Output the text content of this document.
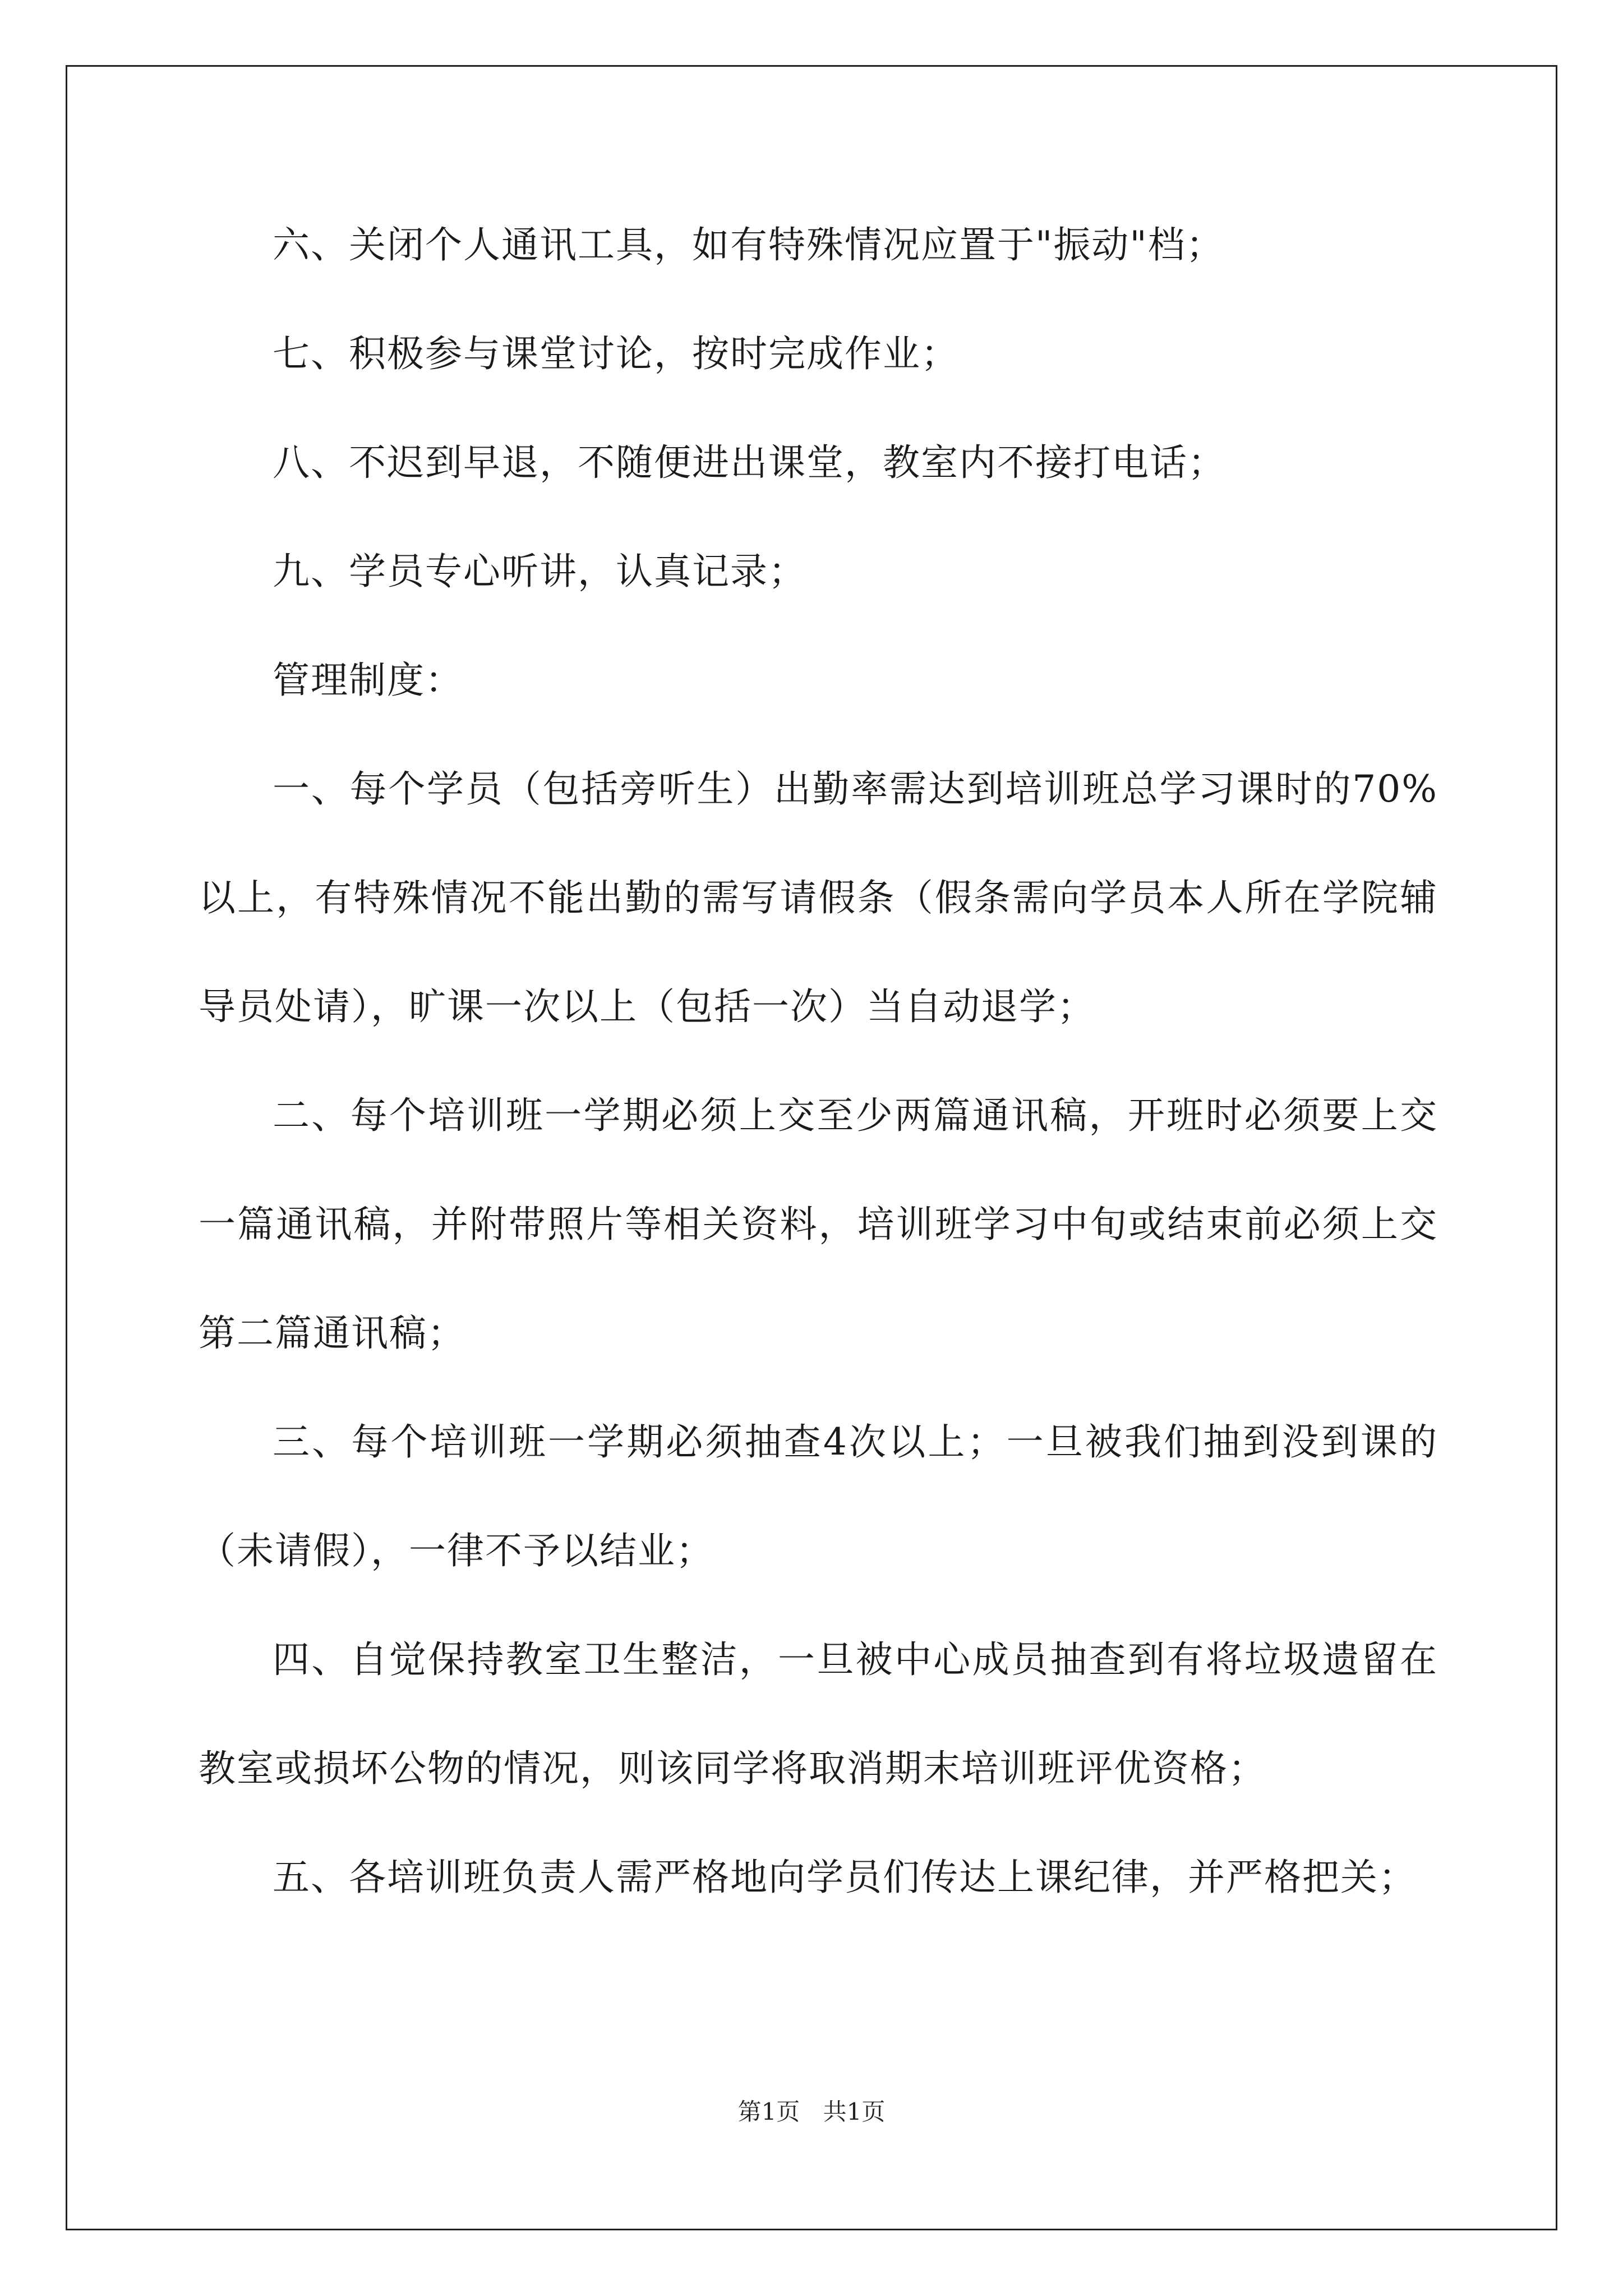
六、关闭个人通讯工具，如有特殊情况应置于"振动"档；

七、积极参与课堂讨论，按时完成作业；

八、不迟到早退，不随便进出课堂，教室内不接打电话；

九、学员专心听讲，认真记录；

管理制度：

一、每个学员（包括旁听生）出勤率需达到培训班总学习课时的70%以上，有特殊情况不能出勤的需写请假条（假条需向学员本人所在学院辅导员处请），旷课一次以上（包括一次）当自动退学；

二、每个培训班一学期必须上交至少两篇通讯稿，开班时必须要上交一篇通讯稿，并附带照片等相关资料，培训班学习中旬或结束前必须上交第二篇通讯稿；

三、每个培训班一学期必须抽查4次以上；一旦被我们抽到没到课的（未请假），一律不予以结业；

四、自觉保持教室卫生整洁，一旦被中心成员抽查到有将垃圾遗留在教室或损坏公物的情况，则该同学将取消期末培训班评优资格；

五、各培训班负责人需严格地向学员们传达上课纪律，并严格把关；

第1页 共1页
